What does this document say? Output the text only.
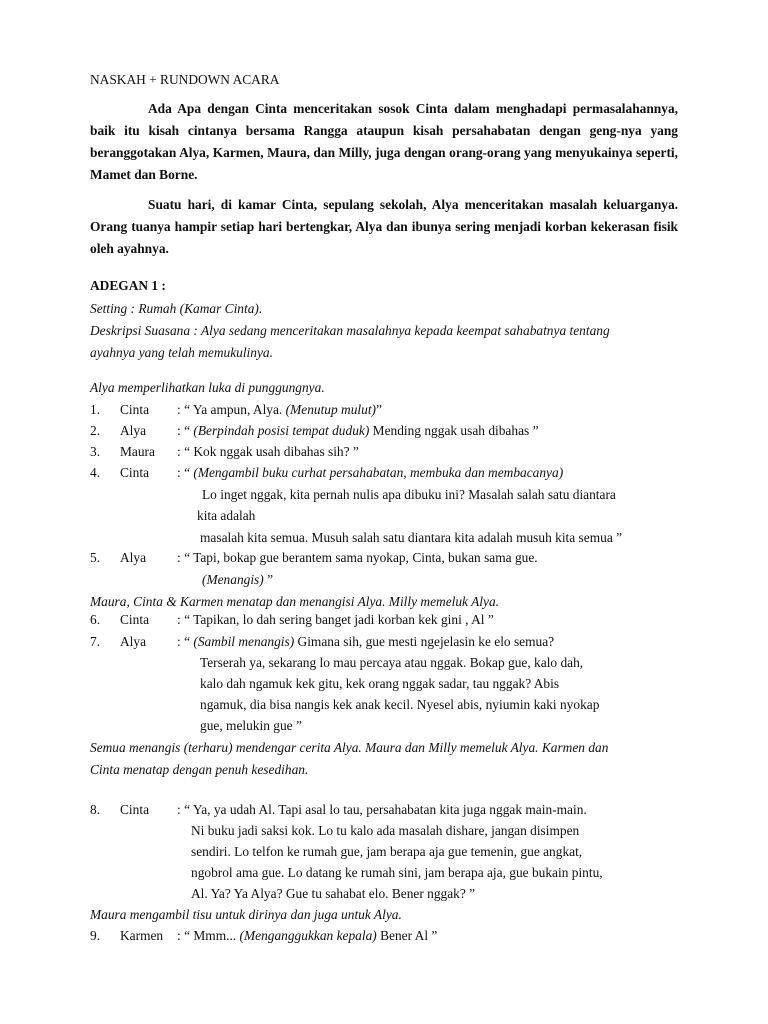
NASKAH + RUNDOWN ACARA

Ada Apa dengan Cinta menceritakan sosok Cinta dalam menghadapi permasalahannya, baik itu kisah cintanya bersama Rangga ataupun kisah persahabatan dengan geng-nya yang beranggotakan Alya, Karmen, Maura, dan Milly, juga dengan orang-orang yang menyukainya seperti, Mamet dan Borne.

Suatu hari, di kamar Cinta, sepulang sekolah, Alya menceritakan masalah keluarganya. Orang tuanya hampir setiap hari bertengkar, Alya dan ibunya sering menjadi korban kekerasan fisik oleh ayahnya.

ADEGAN 1 :
Setting : Rumah (Kamar Cinta).
Deskripsi Suasana : Alya sedang menceritakan masalahnya kepada keempat sahabatnya tentang
ayahnya yang telah memukulinya.
Alya memperlihatkan luka di punggungnya.
1. Cinta : “ Ya ampun, Alya. (Menutup mulut)”
2. Alya : “ (Berpindah posisi tempat duduk) Mending nggak usah dibahas ”
3. Maura : “ Kok nggak usah dibahas sih? ”
4. Cinta : “ (Mengambil buku curhat persahabatan, membuka dan membacanya)
Lo inget nggak, kita pernah nulis apa dibuku ini? Masalah salah satu diantara
kita adalah
masalah kita semua. Musuh salah satu diantara kita adalah musuh kita semua ”
5. Alya : “ Tapi, bokap gue berantem sama nyokap, Cinta, bukan sama gue.
(Menangis) ”
Maura, Cinta & Karmen menatap dan menangisi Alya. Milly memeluk Alya.
6. Cinta : “ Tapikan, lo dah sering banget jadi korban kek gini , Al ”
7. Alya : “ (Sambil menangis) Gimana sih, gue mesti ngejelasin ke elo semua?
Terserah ya, sekarang lo mau percaya atau nggak. Bokap gue, kalo dah,
kalo dah ngamuk kek gitu, kek orang nggak sadar, tau nggak? Abis
ngamuk, dia bisa nangis kek anak kecil. Nyesel abis, nyiumin kaki nyokap
gue, melukin gue ”
Semua menangis (terharu) mendengar cerita Alya. Maura dan Milly memeluk Alya. Karmen dan
Cinta menatap dengan penuh kesedihan.
8. Cinta : “ Ya, ya udah Al. Tapi asal lo tau, persahabatan kita juga nggak main-main.
Ni buku jadi saksi kok. Lo tu kalo ada masalah dishare, jangan disimpen
sendiri. Lo telfon ke rumah gue, jam berapa aja gue temenin, gue angkat,
ngobrol ama gue. Lo datang ke rumah sini, jam berapa aja, gue bukain pintu,
Al. Ya? Ya Alya? Gue tu sahabat elo. Bener nggak? ”
Maura mengambil tisu untuk dirinya dan juga untuk Alya.
9. Karmen : “ Mmm... (Menganggukkan kepala) Bener Al ”
